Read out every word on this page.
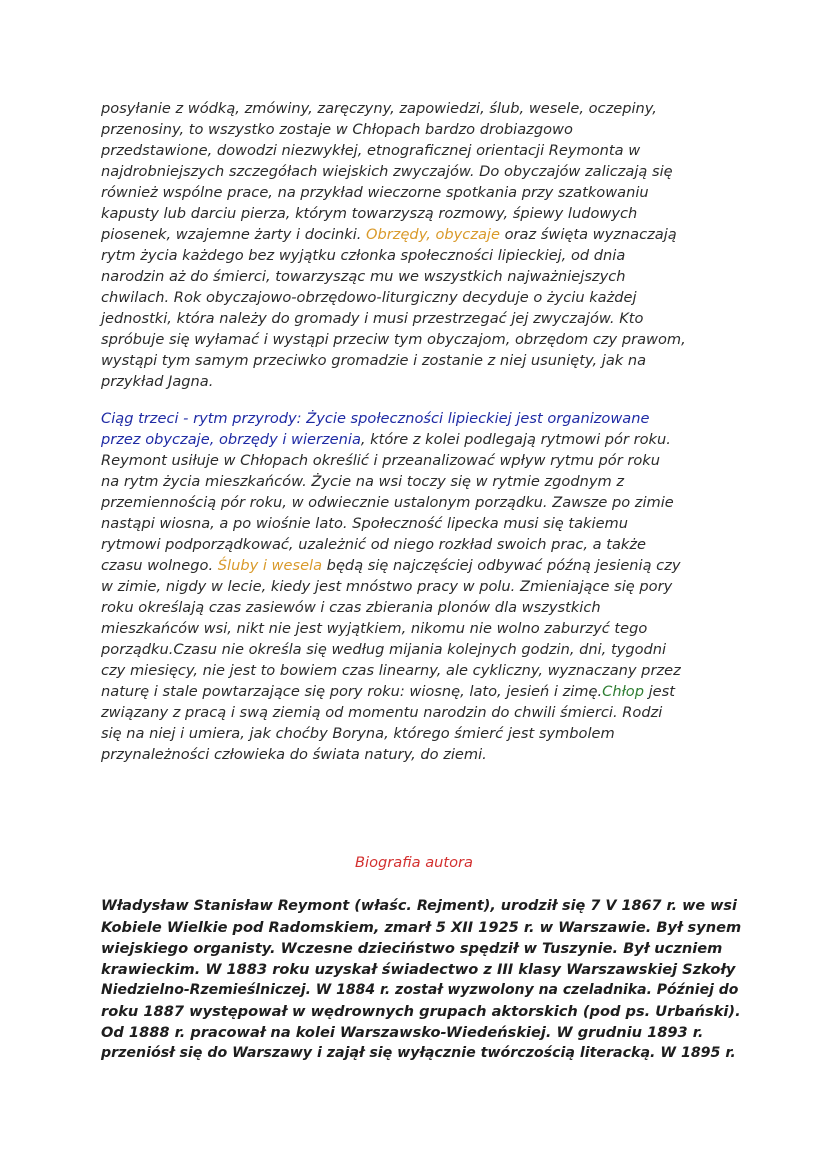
posyłanie z wódką, zmówiny, zaręczyny, zapowiedzi, ślub, wesele, oczepiny,
przenosiny, to wszystko zostaje w Chłopach bardzo drobiazgowo
przedstawione, dowodzi niezwykłej, etnograficznej orientacji Reymonta w
najdrobniejszych szczegółach wiejskich zwyczajów. Do obyczajów zaliczają się
również wspólne prace, na przykład wieczorne spotkania przy szatkowaniu
kapusty lub darciu pierza, którym towarzyszą rozmowy, śpiewy ludowych
piosenek, wzajemne żarty i docinki. Obrzędy, obyczaje oraz święta wyznaczają
rytm życia każdego bez wyjątku członka społeczności lipieckiej, od dnia
narodzin aż do śmierci, towarzysząc mu we wszystkich najważniejszych
chwilach. Rok obyczajowo-obrzędowo-liturgiczny decyduje o życiu każdej
jednostki, która należy do gromady i musi przestrzegać jej zwyczajów. Kto
spróbuje się wyłamać i wystąpi przeciw tym obyczajom, obrzędom czy prawom,
wystąpi tym samym przeciwko gromadzie i zostanie z niej usunięty, jak na
przykład Jagna.

Ciąg trzeci - rytm przyrody: Życie społeczności lipieckiej jest organizowane
przez obyczaje, obrzędy i wierzenia, które z kolei podlegają rytmowi pór roku.
Reymont usiłuje w Chłopach określić i przeanalizować wpływ rytmu pór roku
na rytm życia mieszkańców. Życie na wsi toczy się w rytmie zgodnym z
przemiennością pór roku, w odwiecznie ustalonym porządku. Zawsze po zimie
nastąpi wiosna, a po wiośnie lato. Społeczność lipecka musi się takiemu
rytmowi podporządkować, uzależnić od niego rozkład swoich prac, a także
czasu wolnego. Śluby i wesela będą się najczęściej odbywać późną jesienią czy
w zimie, nigdy w lecie, kiedy jest mnóstwo pracy w polu. Zmieniające się pory
roku określają czas zasiewów i czas zbierania plonów dla wszystkich
mieszkańców wsi, nikt nie jest wyjątkiem, nikomu nie wolno zaburzyć tego
porządku.Czasu nie określa się według mijania kolejnych godzin, dni, tygodni
czy miesięcy, nie jest to bowiem czas linearny, ale cykliczny, wyznaczany przez
naturę i stale powtarzające się pory roku: wiosnę, lato, jesień i zimę.Chłop jest
związany z pracą i swą ziemią od momentu narodzin do chwili śmierci. Rodzi
się na niej i umiera, jak choćby Boryna, którego śmierć jest symbolem
przynależności człowieka do świata natury, do ziemi.

Biografia autora

Władysław Stanisław Reymont (właśc. Rejment), urodził się 7 V 1867 r. we wsi
Kobiele Wielkie pod Radomskiem, zmarł 5 XII 1925 r. w Warszawie. Był synem
wiejskiego organisty. Wczesne dzieciństwo spędził w Tuszynie. Był uczniem
krawieckim. W 1883 roku uzyskał świadectwo z III klasy Warszawskiej Szkoły
Niedzielno-Rzemieślniczej. W 1884 r. został wyzwolony na czeladnika. Później do
roku 1887 występował w wędrownych grupach aktorskich (pod ps. Urbański).
Od 1888 r. pracował na kolei Warszawsko-Wiedeńskiej. W grudniu 1893 r.
przeniósł się do Warszawy i zajął się wyłącznie twórczością literacką. W 1895 r.
